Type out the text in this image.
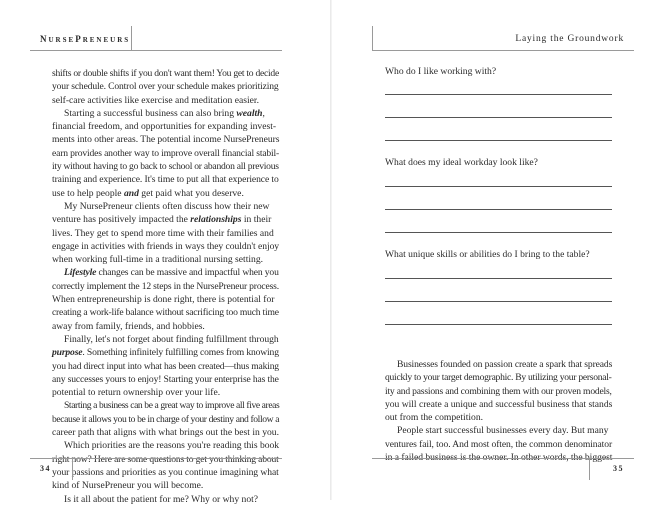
NURSEPRENEURS
shifts or double shifts if you don't want them! You get to decide
your schedule. Control over your schedule makes prioritizing
self-care activities like exercise and meditation easier.
Starting a successful business can also bring wealth,
financial freedom, and opportunities for expanding invest-
ments into other areas. The potential income NursePreneurs
earn provides another way to improve overall financial stabil-
ity without having to go back to school or abandon all previous
training and experience. It's time to put all that experience to
use to help people and get paid what you deserve.
My NursePreneur clients often discuss how their new
venture has positively impacted the relationships in their
lives. They get to spend more time with their families and
engage in activities with friends in ways they couldn't enjoy
when working full-time in a traditional nursing setting.
Lifestyle changes can be massive and impactful when you
correctly implement the 12 steps in the NursePreneur process.
When entrepreneurship is done right, there is potential for
creating a work-life balance without sacrificing too much time
away from family, friends, and hobbies.
Finally, let's not forget about finding fulfillment through
purpose. Something infinitely fulfilling comes from knowing
you had direct input into what has been created—thus making
any successes yours to enjoy! Starting your enterprise has the
potential to return ownership over your life.
Starting a business can be a great way to improve all five areas
because it allows you to be in charge of your destiny and follow a
career path that aligns with what brings out the best in you.
Which priorities are the reasons you're reading this book
right now? Here are some questions to get you thinking about
your passions and priorities as you continue imagining what
kind of NursePreneur you will become.
Is it all about the patient for me? Why or why not?
34
Laying the Groundwork
Who do I like working with?
What does my ideal workday look like?
What unique skills or abilities do I bring to the table?
Businesses founded on passion create a spark that spreads
quickly to your target demographic. By utilizing your personal-
ity and passions and combining them with our proven models,
you will create a unique and successful business that stands
out from the competition.
People start successful businesses every day. But many
ventures fail, too. And most often, the common denominator
in a failed business is the owner. In other words, the biggest
35
